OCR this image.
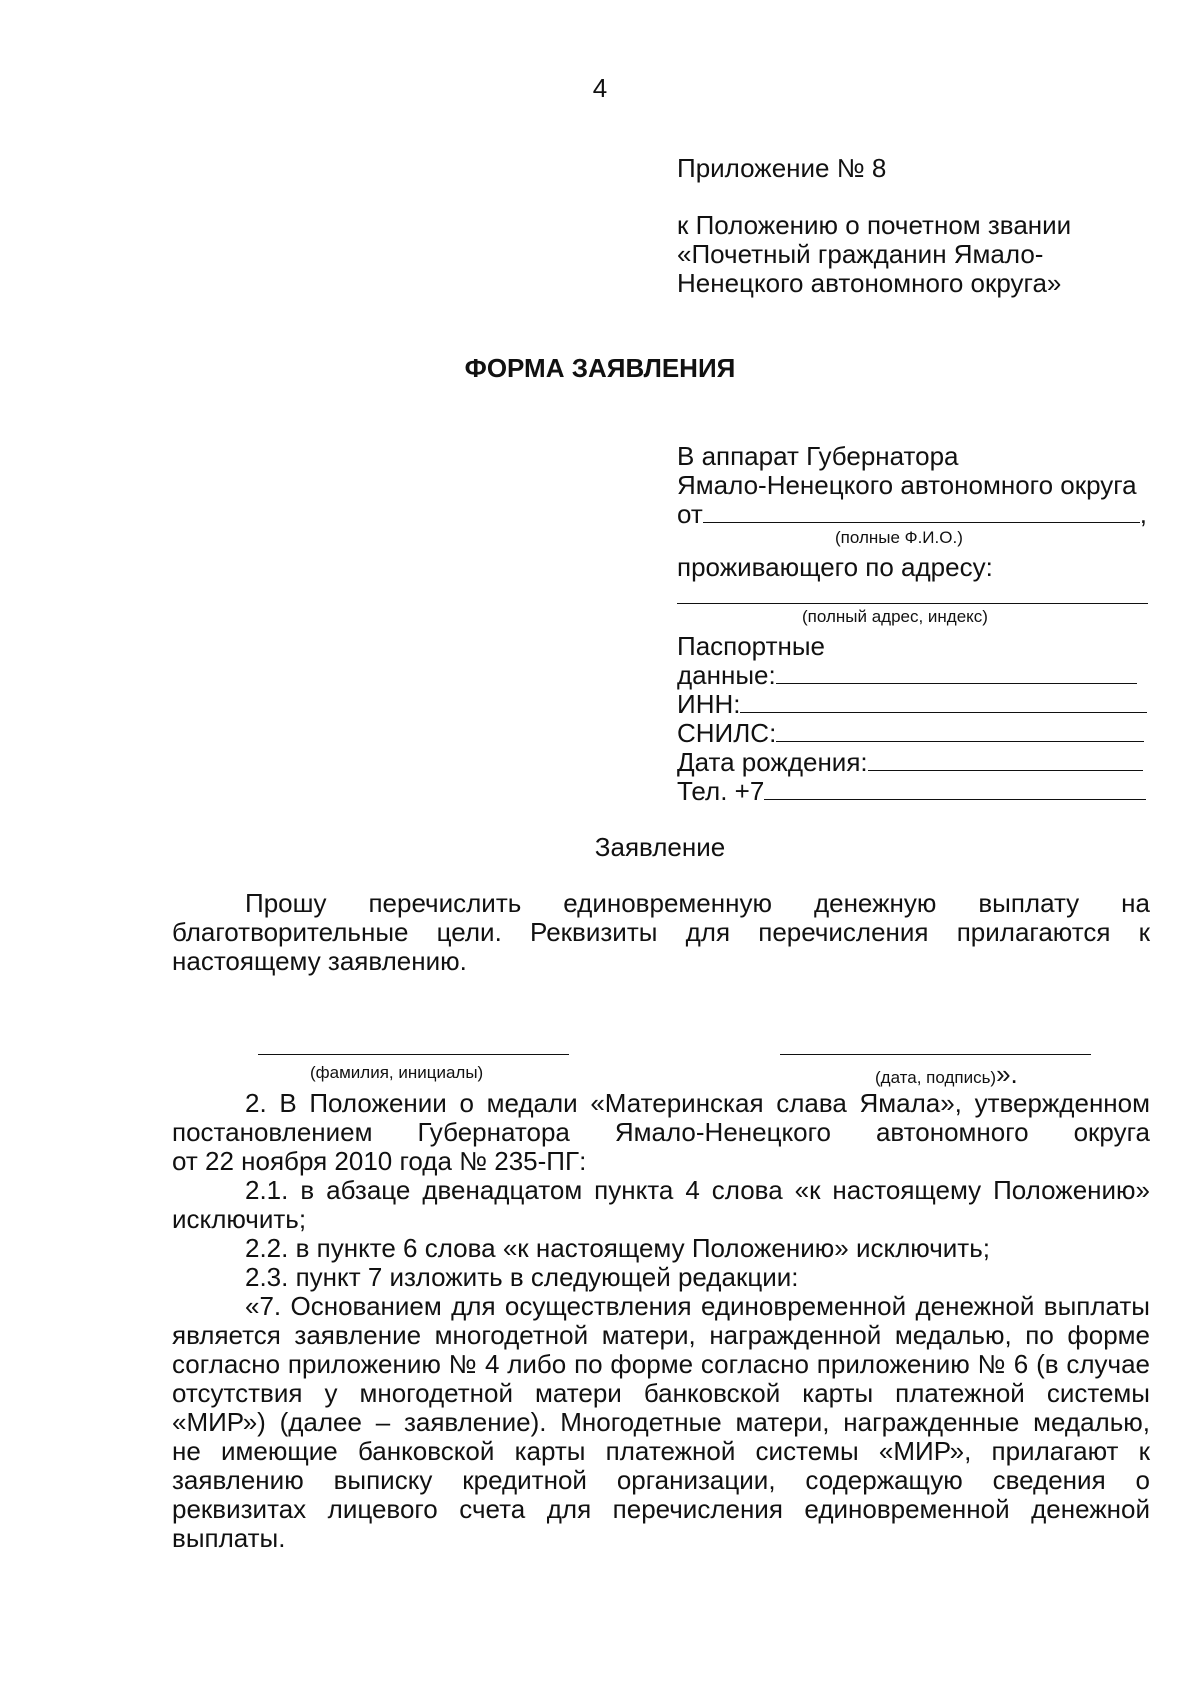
4
Приложение № 8
к Положению о почетном звании
«Почетный гражданин Ямало-
Ненецкого автономного округа»
ФОРМА ЗАЯВЛЕНИЯ
В аппарат Губернатора
Ямало-Ненецкого автономного округа
от	,
(полные Ф.И.О.)
проживающего по адресу:
(полный адрес, индекс)
Паспортные
данные:
ИНН:
СНИЛС:
Дата рождения:
Тел. +7
Заявление
Прошу перечислить единовременную денежную выплату на
благотворительные цели. Реквизиты для перечисления прилагаются к
настоящему заявлению.
(фамилия, инициалы)	(дата, подпись)».
2. В Положении о медали «Материнская слава Ямала», утвержденном
постановлением Губернатора Ямало-Ненецкого автономного округа
от 22 ноября 2010 года № 235-ПГ:
2.1. в абзаце двенадцатом пункта 4 слова «к настоящему Положению»
исключить;
2.2. в пункте 6 слова «к настоящему Положению» исключить;
2.3. пункт 7 изложить в следующей редакции:
«7. Основанием для осуществления единовременной денежной выплаты
является заявление многодетной матери, награжденной медалью, по форме
согласно приложению № 4 либо по форме согласно приложению № 6 (в случае
отсутствия у многодетной матери банковской карты платежной системы
«МИР») (далее – заявление). Многодетные матери, награжденные медалью,
не имеющие банковской карты платежной системы «МИР», прилагают к
заявлению выписку кредитной организации, содержащую сведения о
реквизитах лицевого счета для перечисления единовременной денежной
выплаты.
